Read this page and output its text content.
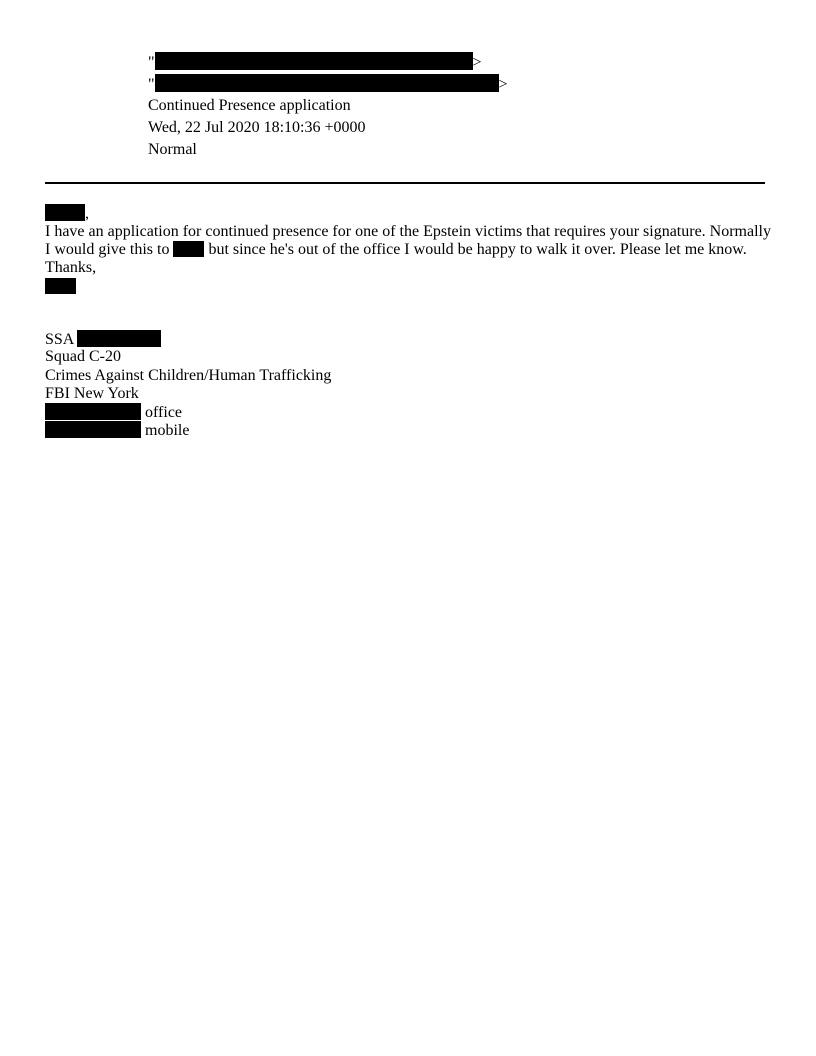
"	>
"	>
Continued Presence application
Wed, 22 Jul 2020 18:10:36 +0000
Normal
,
I have an application for continued presence for one of the Epstein victims that requires your signature. Normally
I would give this to but since he's out of the office I would be happy to walk it over. Please let me know.
Thanks,
SSA
Squad C-20
Crimes Against Children/Human Trafficking
FBI New York
office
mobile
